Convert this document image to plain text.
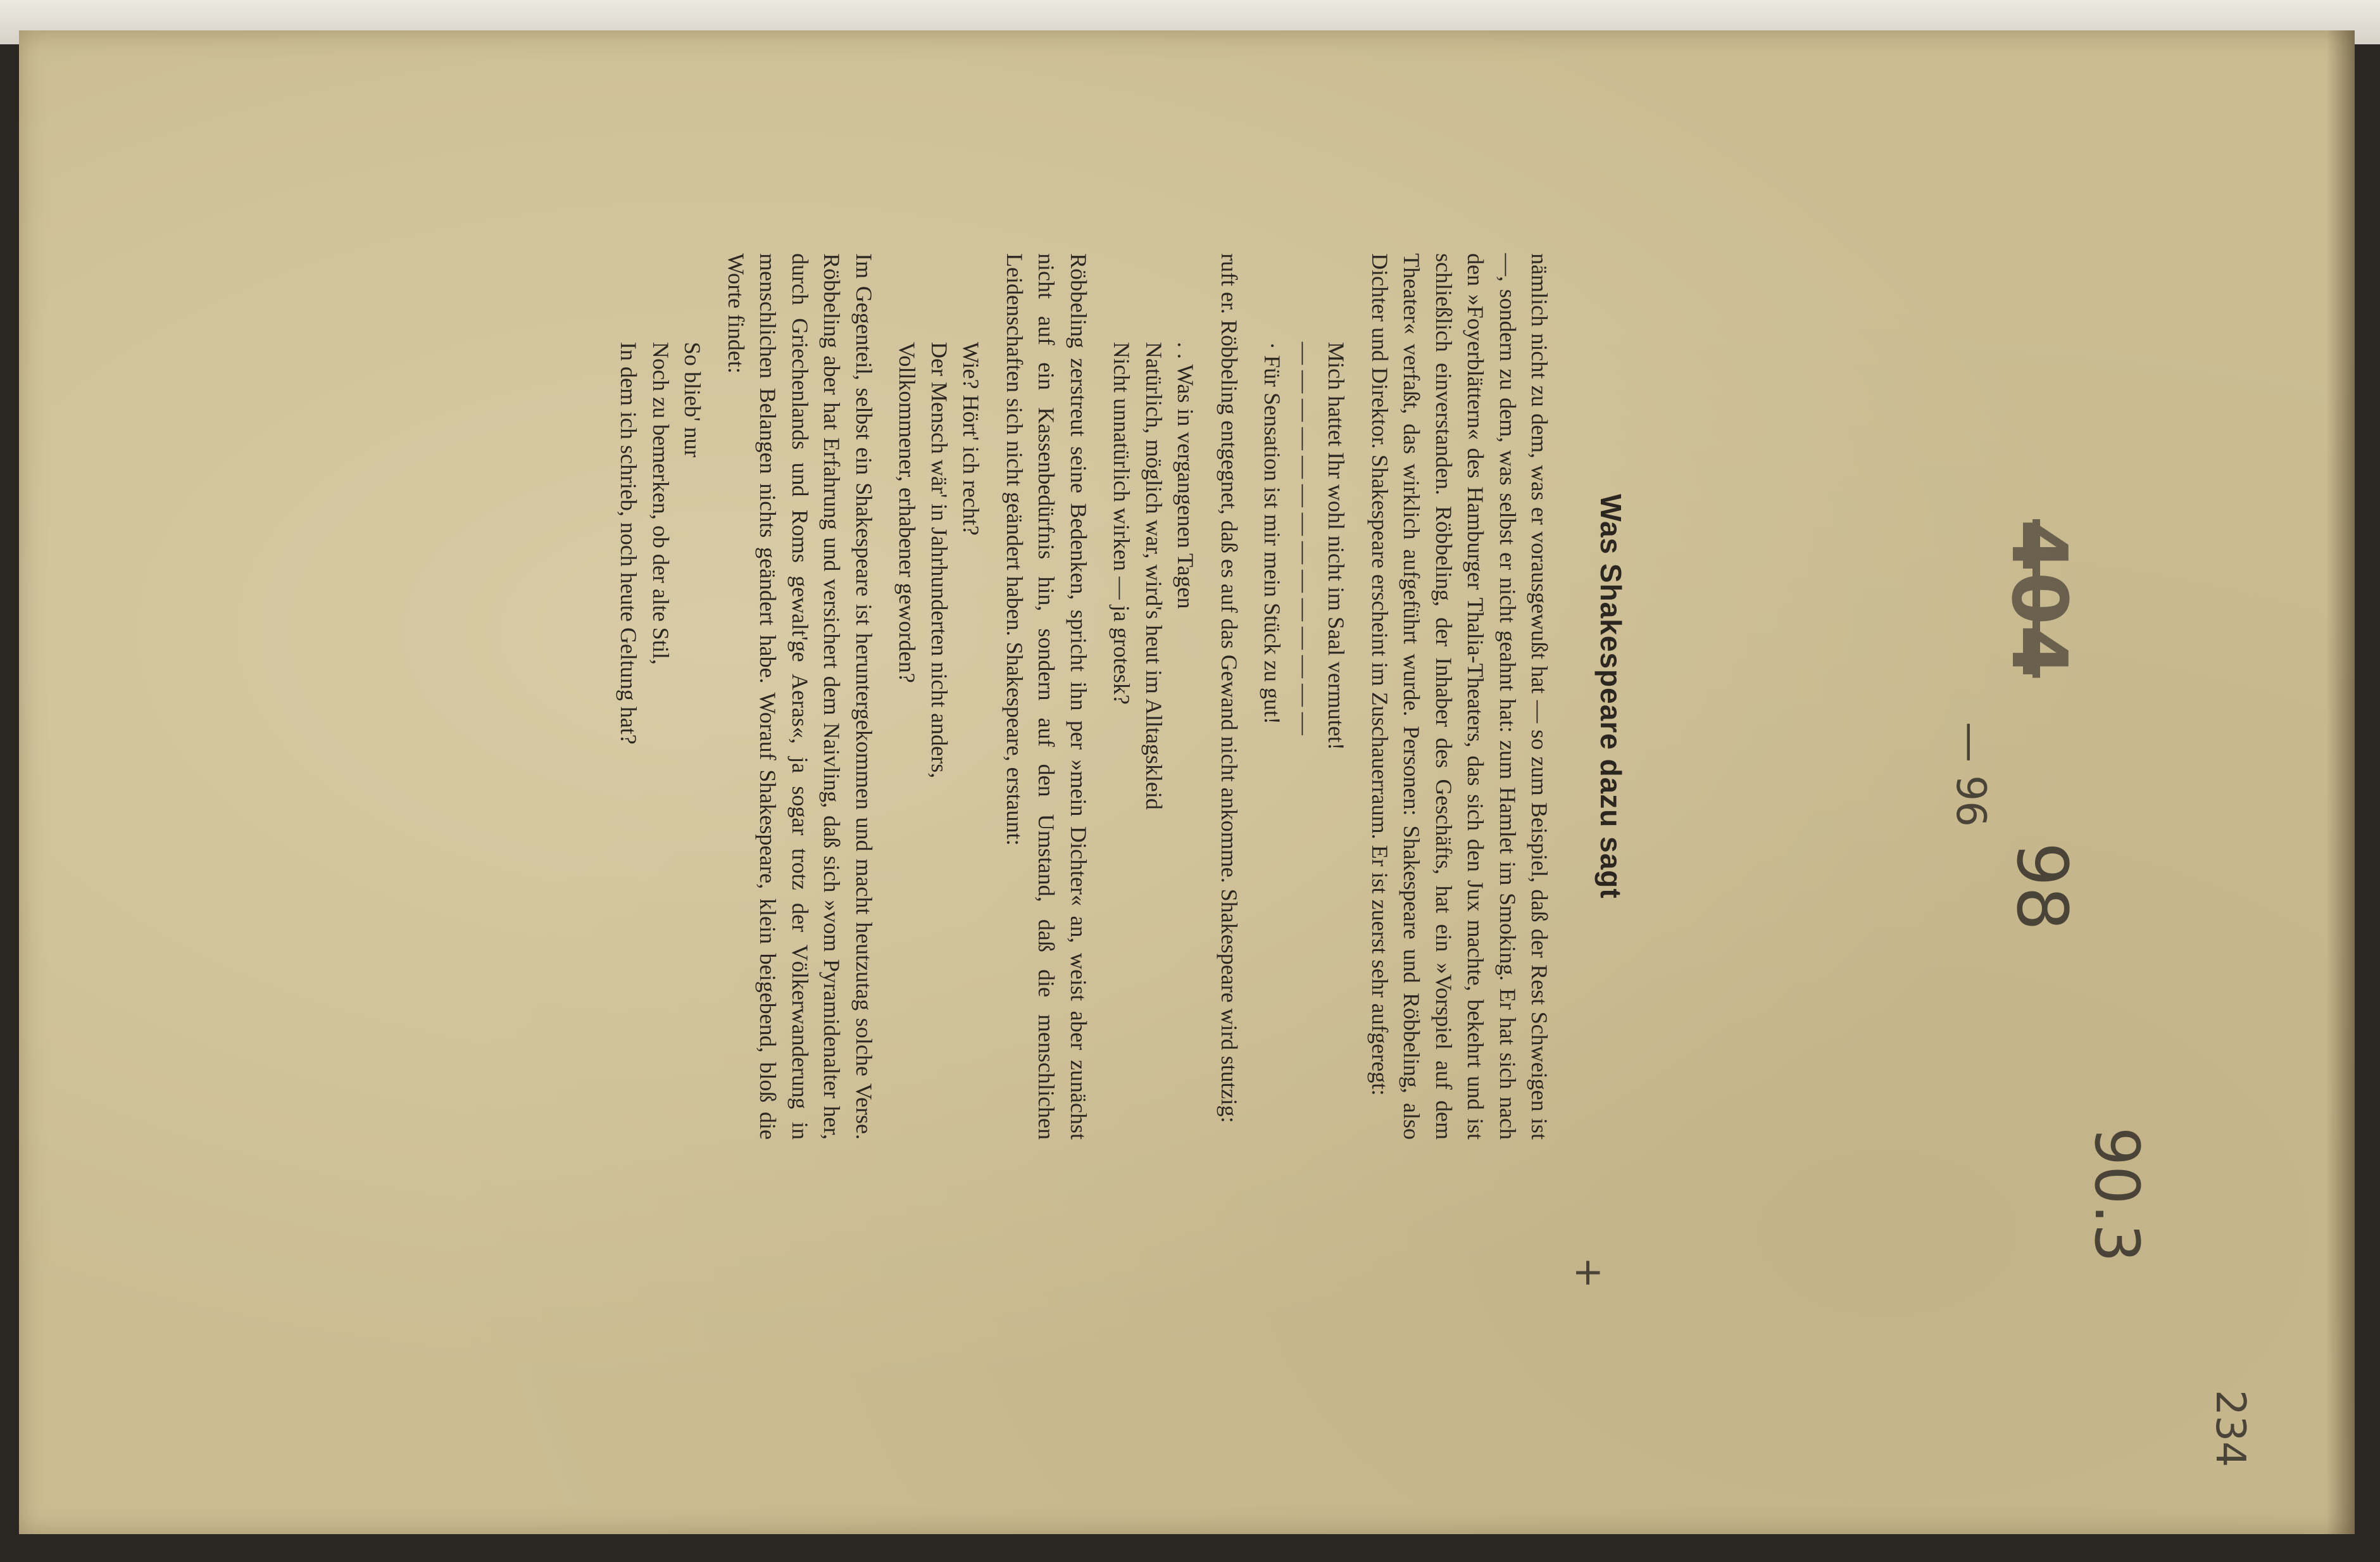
Was Shakespeare dazu sagt

nämlich nicht zu dem, was er vorausgewußt hat — so zum Beispiel, daß der Rest Schweigen ist —, sondern zu dem, was selbst er nicht geahnt hat: zum Hamlet im Smoking. Er hat sich nach den »Foyerblättern« des Hamburger Thalia-Theaters, das sich den Jux machte, bekehrt und ist schließlich einverstanden. Röbbeling, der Inhaber des Geschäfts, hat ein »Vorspiel auf dem Theater« verfaßt, das wirklich aufgeführt wurde. Personen: Shakespeare und Röbbeling, also Dichter und Direktor. Shakespeare erscheint im Zuschauerraum. Er ist zuerst sehr aufgeregt:

Mich hattet Ihr wohl nicht im Saal vermutet!
— — — — — — — — — — — — — —
· Für Sensation ist mir mein Stück zu gut!

ruft er. Röbbeling entgegnet, daß es auf das Gewand nicht ankomme. Shakespeare wird stutzig:

. . Was in vergangenen Tagen
Natürlich, möglich war, wird's heut im Alltagskleid
Nicht unnatürlich wirken — ja grotesk?

Röbbeling zerstreut seine Bedenken, spricht ihn per »mein Dichter« an, weist aber zunächst nicht auf ein Kassenbedürfnis hin, sondern auf den Umstand, daß die menschlichen Leidenschaften sich nicht geändert haben. Shakespeare, erstaunt:

Wie? Hört' ich recht?
Der Mensch wär' in Jahrhunderten nicht anders,
Vollkommener, erhabener geworden?

Im Gegenteil, selbst ein Shakespeare ist heruntergekommen und macht heutzutag solche Verse. Röbbeling aber hat Erfahrung und versichert dem Naivling, daß sich »vom Pyramidenalter her, durch Griechenlands und Roms gewalt'ge Aeras«, ja sogar trotz der Völkerwanderung in menschlichen Belangen nichts geändert habe. Worauf Shakespeare, klein beigebend, bloß die Worte findet:

So blieb' nur
Noch zu bemerken, ob der alte Stil,
In dem ich schrieb, noch heute Geltung hat?	404
— 96
98
90.3
+
234
